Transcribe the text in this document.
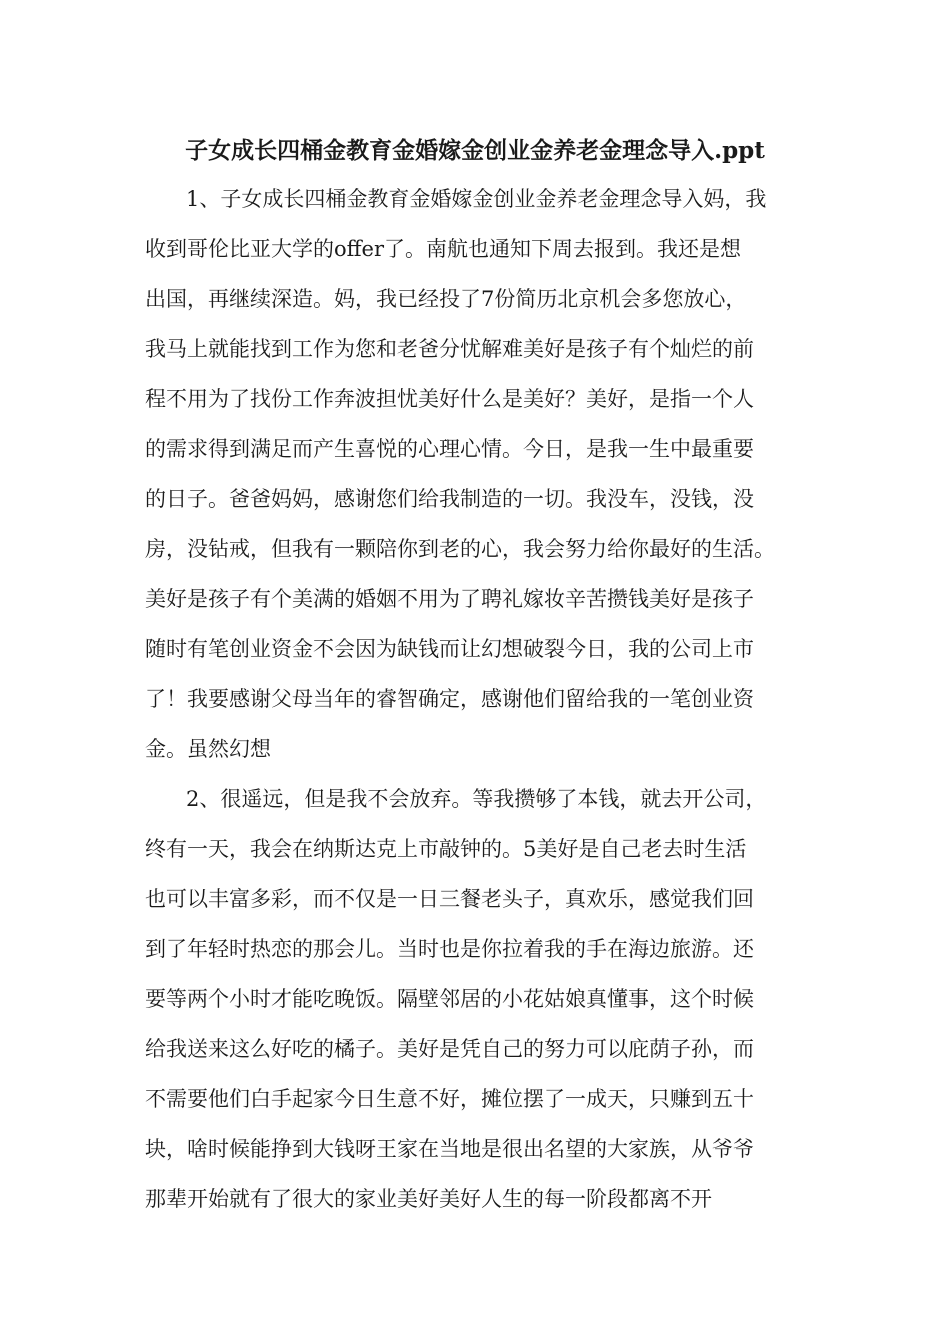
子女成长四桶金教育金婚嫁金创业金养老金理念导入.ppt

1、子女成长四桶金教育金婚嫁金创业金养老金理念导入妈，我

收到哥伦比亚大学的offer了。南航也通知下周去报到。我还是想

出国，再继续深造。妈，我已经投了7份简历北京机会多您放心，

我马上就能找到工作为您和老爸分忧解难美好是孩子有个灿烂的前

程不用为了找份工作奔波担忧美好什么是美好？美好，是指一个人

的需求得到满足而产生喜悦的心理心情。今日，是我一生中最重要

的日子。爸爸妈妈，感谢您们给我制造的一切。我没车，没钱，没

房，没钻戒，但我有一颗陪你到老的心，我会努力给你最好的生活。

美好是孩子有个美满的婚姻不用为了聘礼嫁妆辛苦攒钱美好是孩子

随时有笔创业资金不会因为缺钱而让幻想破裂今日，我的公司上市

了！我要感谢父母当年的睿智确定，感谢他们留给我的一笔创业资

金。虽然幻想

2、很遥远，但是我不会放弃。等我攒够了本钱，就去开公司，

终有一天，我会在纳斯达克上市敲钟的。5美好是自己老去时生活

也可以丰富多彩，而不仅是一日三餐老头子，真欢乐，感觉我们回

到了年轻时热恋的那会儿。当时也是你拉着我的手在海边旅游。还

要等两个小时才能吃晚饭。隔壁邻居的小花姑娘真懂事，这个时候

给我送来这么好吃的橘子。美好是凭自己的努力可以庇荫子孙，而

不需要他们白手起家今日生意不好，摊位摆了一成天，只赚到五十

块，啥时候能挣到大钱呀王家在当地是很出名望的大家族，从爷爷

那辈开始就有了很大的家业美好美好人生的每一阶段都离不开
